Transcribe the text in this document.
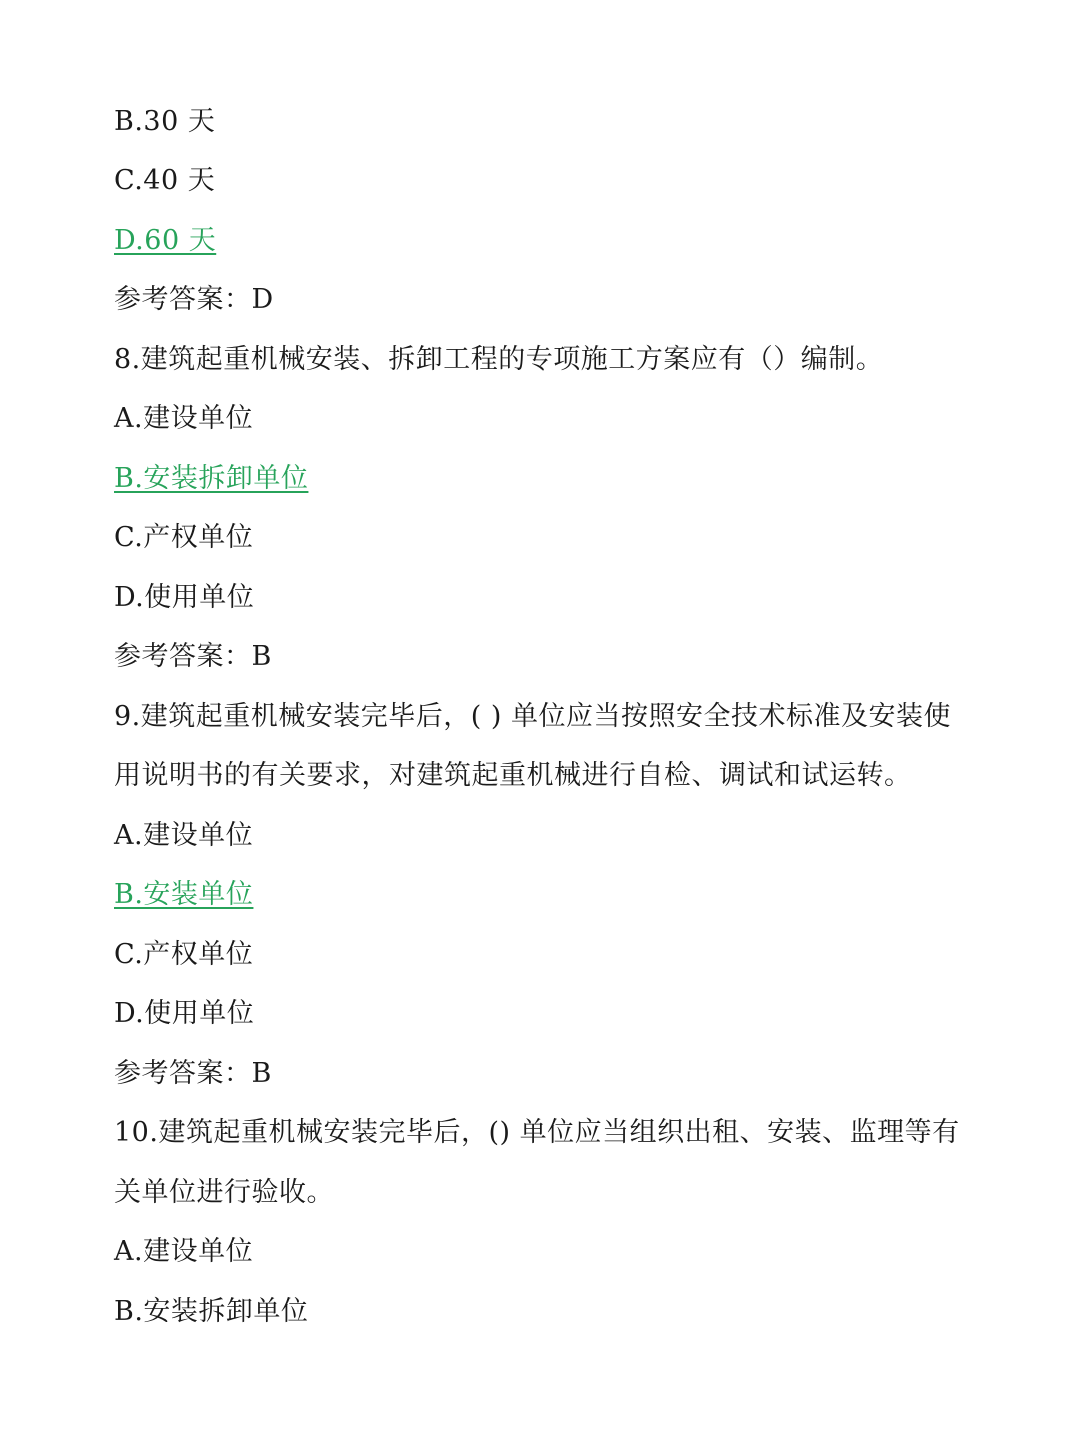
B.30 天
C.40 天
D.60 天
参考答案：D
8.建筑起重机械安装、拆卸工程的专项施工方案应有（）编制。
A.建设单位
B.安装拆卸单位
C.产权单位
D.使用单位
参考答案：B
9.建筑起重机械安装完毕后，( ) 单位应当按照安全技术标准及安装使
用说明书的有关要求，对建筑起重机械进行自检、调试和试运转。
A.建设单位
B.安装单位
C.产权单位
D.使用单位
参考答案：B
10.建筑起重机械安装完毕后，() 单位应当组织出租、安装、监理等有
关单位进行验收。
A.建设单位
B.安装拆卸单位
